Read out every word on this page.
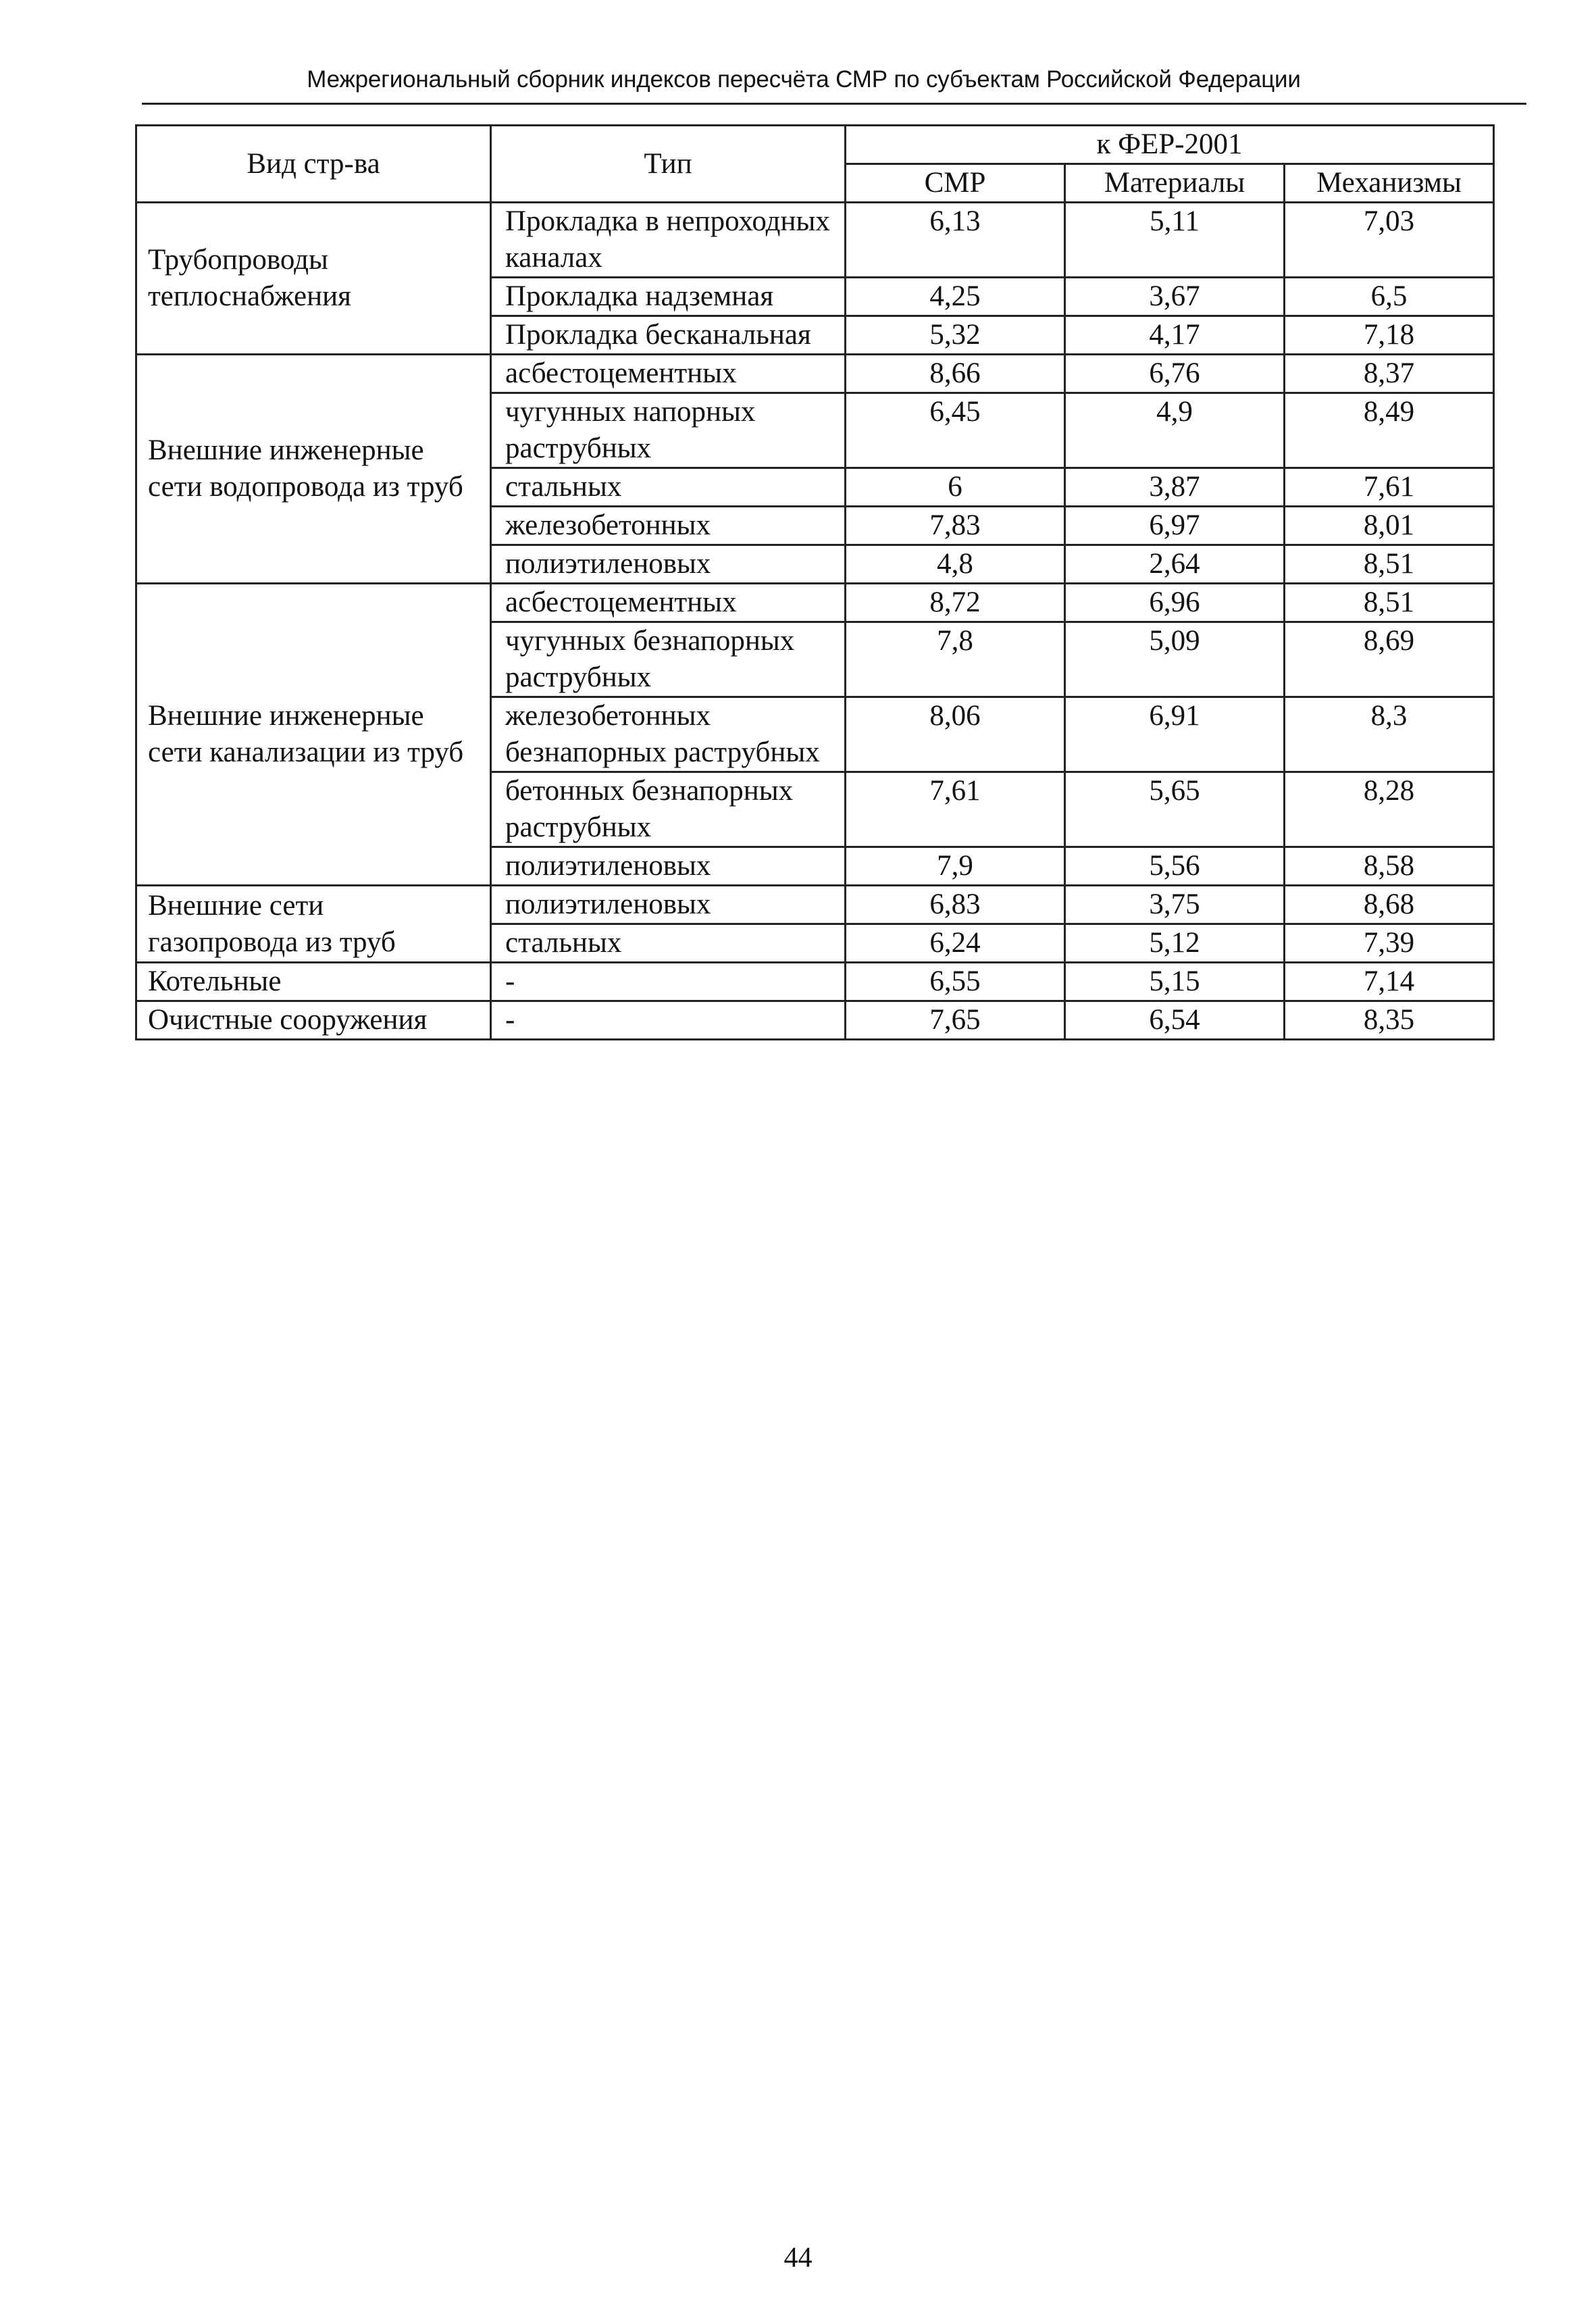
Межрегиональный сборник индексов пересчёта СМР по субъектам Российской Федерации
Вид стр-ва	Тип	к ФЕР-2001		
		СМР	Материалы	Механизмы
Трубопроводы теплоснабжения	Прокладка в непроходных каналах	6,13	5,11	7,03
	Прокладка надземная	4,25	3,67	6,5
	Прокладка бесканальная	5,32	4,17	7,18
Внешние инженерные сети водопровода из труб	асбестоцементных	8,66	6,76	8,37
	чугунных напорных раструбных	6,45	4,9	8,49
	стальных	6	3,87	7,61
	железобетонных	7,83	6,97	8,01
	полиэтиленовых	4,8	2,64	8,51
Внешние инженерные сети канализации из труб	асбестоцементных	8,72	6,96	8,51
	чугунных безнапорных раструбных	7,8	5,09	8,69
	железобетонных безнапорных раструбных	8,06	6,91	8,3
	бетонных безнапорных раструбных	7,61	5,65	8,28
	полиэтиленовых	7,9	5,56	8,58
Внешние сети газопровода из труб	полиэтиленовых	6,83	3,75	8,68
	стальных	6,24	5,12	7,39
Котельные	-	6,55	5,15	7,14
Очистные сооружения	-	7,65	6,54	8,35
44
